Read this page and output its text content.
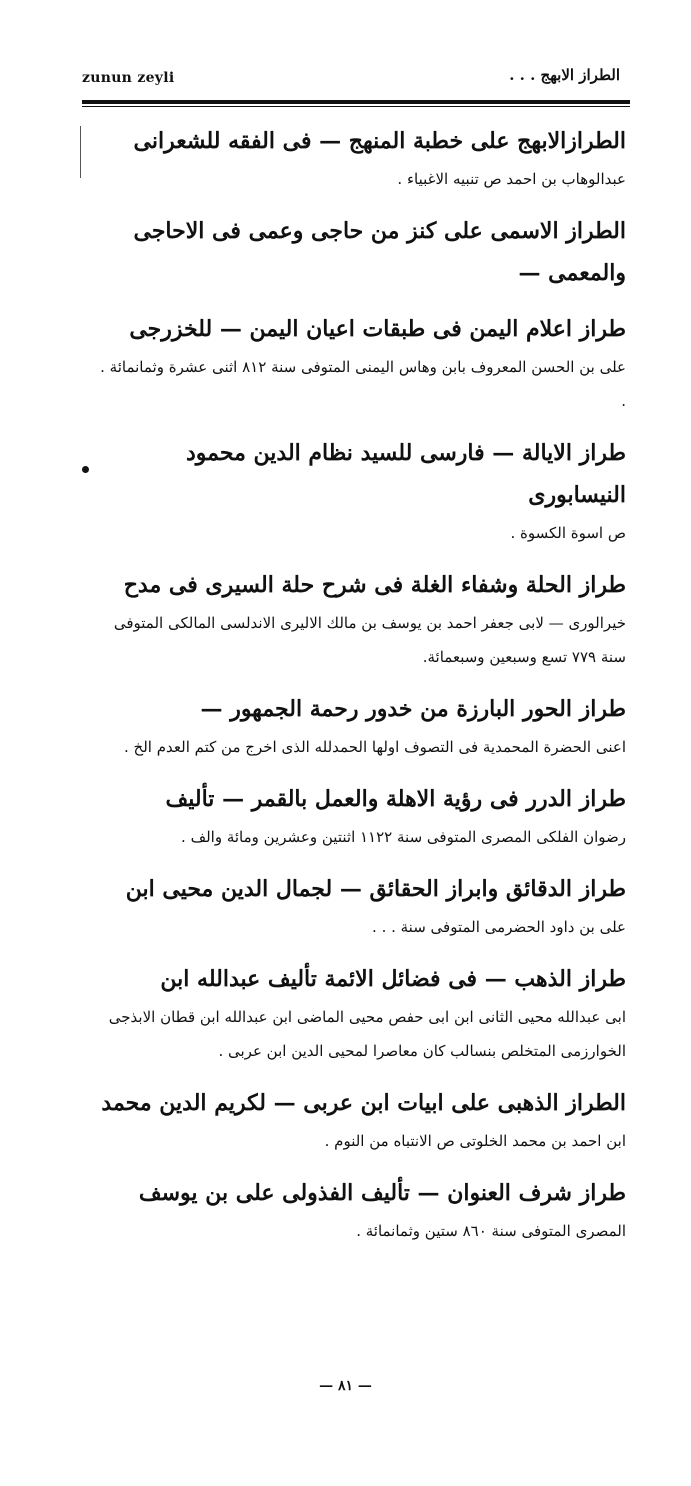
zunun zeyli	الطراز الابهج . . .

الطرازالابهج على خطبة المنهج — فى الفقه للشعرانى

عبدالوهاب بن احمد ص تنبيه الاغبياء .

الطراز الاسمى على كنز من حاجى وعمى فى الاحاجى والمعمى —

طراز اعلام اليمن فى طبقات اعيان اليمن — للخزرجى

على بن الحسن المعروف بابن وهاس اليمنى المتوفى سنة ٨١٢ اثنى عشرة وثمانمائة . .

طراز الايالة — فارسى للسيد نظام الدين محمود النيسابورى

ص اسوة الكسوة .

طراز الحلة وشفاء الغلة فى شرح حلة السيرى فى مدح

خيرالورى — لابى جعفر احمد بن يوسف بن مالك الاليرى الاندلسى المالكى المتوفى سنة ٧٧٩ تسع وسبعين وسبعمائة.

طراز الحور البارزة من خدور رحمة الجمهور —

اعنى الحضرة المحمدية فى التصوف اولها الحمدلله الذى اخرج من كتم العدم الخ .

طراز الدرر فى رؤية الاهلة والعمل بالقمر — تأليف

رضوان الفلكى المصرى المتوفى سنة ١١٢٢ اثنتين وعشرين ومائة والف .

طراز الدقائق وابراز الحقائق — لجمال الدين محيى ابن

على بن داود الحضرمى المتوفى سنة . . .

طراز الذهب — فى فضائل الائمة تأليف عبدالله ابن

ابى عبدالله محيى الثانى ابن ابى حفص محيى الماضى ابن عبدالله ابن قطان الابذجى الخوارزمى المتخلص بنسالب كان معاصرا لمحيى الدين ابن عربى .

الطراز الذهبى على ابيات ابن عربى — لكريم الدين محمد

ابن احمد بن محمد الخلوتى ص الانتباه من النوم .

طراز شرف العنوان — تأليف الفذولى على بن يوسف

المصرى المتوفى سنة ٨٦٠ ستين وثمانمائة .

— ٨١ —
